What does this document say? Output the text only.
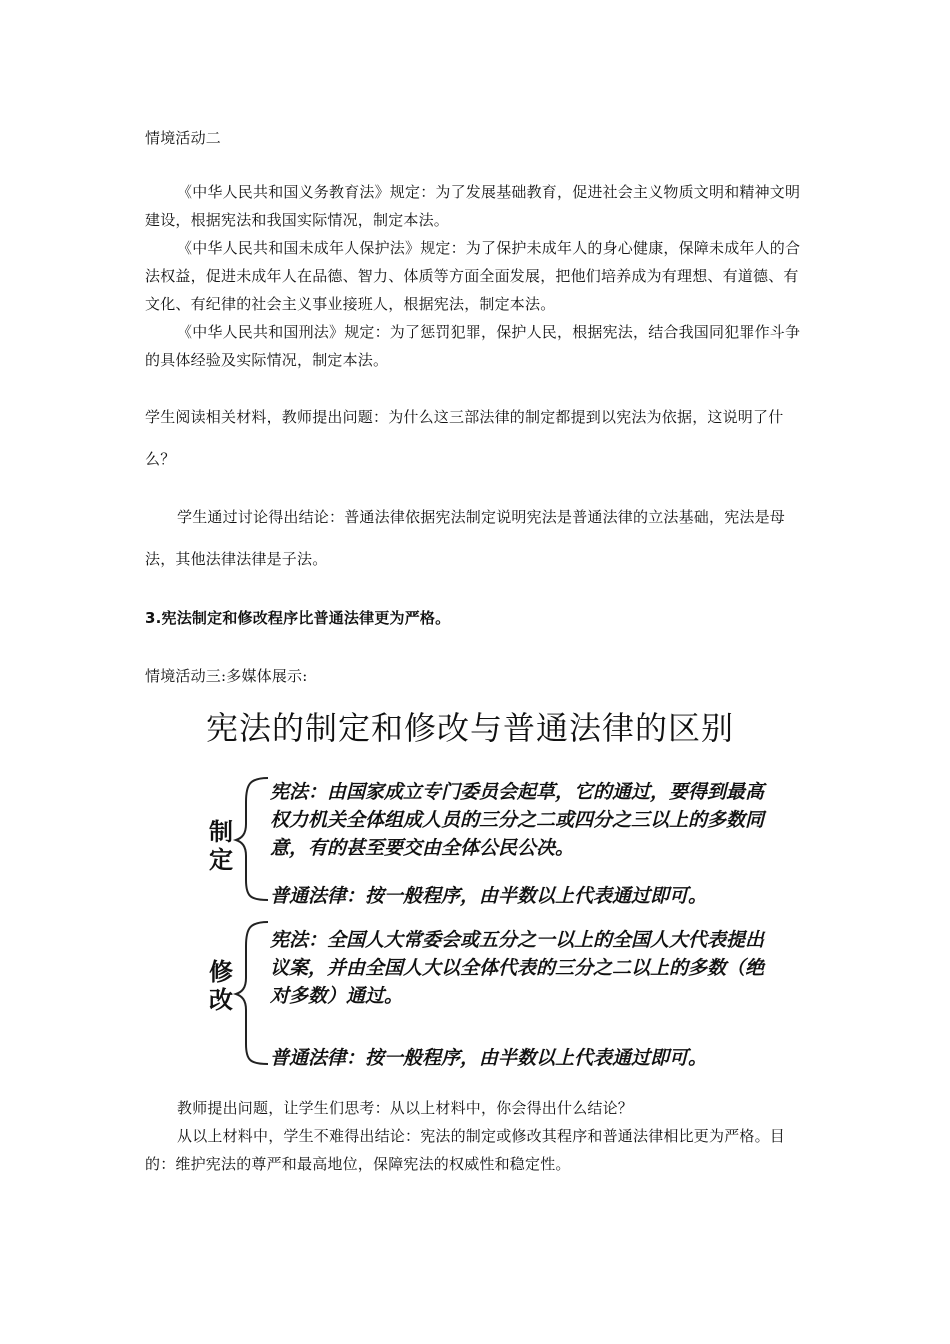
情境活动二

《中华人民共和国义务教育法》规定：为了发展基础教育，促进社会主义物质文明和精神文明建设，根据宪法和我国实际情况，制定本法。

《中华人民共和国未成年人保护法》规定：为了保护未成年人的身心健康，保障未成年人的合法权益，促进未成年人在品德、智力、体质等方面全面发展，把他们培养成为有理想、有道德、有文化、有纪律的社会主义事业接班人，根据宪法，制定本法。

《中华人民共和国刑法》规定：为了惩罚犯罪，保护人民，根据宪法，结合我国同犯罪作斗争的具体经验及实际情况，制定本法。

学生阅读相关材料，教师提出问题：为什么这三部法律的制定都提到以宪法为依据，这说明了什么？

学生通过讨论得出结论：普通法律依据宪法制定说明宪法是普通法律的立法基础，宪法是母法，其他法律法律是子法。

3.宪法制定和修改程序比普通法律更为严格。

情境活动三:多媒体展示:

宪法的制定和修改与普通法律的区别

制定

宪法：由国家成立专门委员会起草，它的通过，要得到最高权力机关全体组成人员的三分之二或四分之三以上的多数同意，有的甚至要交由全体公民公决。

普通法律：按一般程序，由半数以上代表通过即可。

修改

宪法：全国人大常委会或五分之一以上的全国人大代表提出议案，并由全国人大以全体代表的三分之二以上的多数（绝对多数）通过。

普通法律：按一般程序，由半数以上代表通过即可。

教师提出问题，让学生们思考：从以上材料中，你会得出什么结论？

从以上材料中，学生不难得出结论：宪法的制定或修改其程序和普通法律相比更为严格。目的：维护宪法的尊严和最高地位，保障宪法的权威性和稳定性。
